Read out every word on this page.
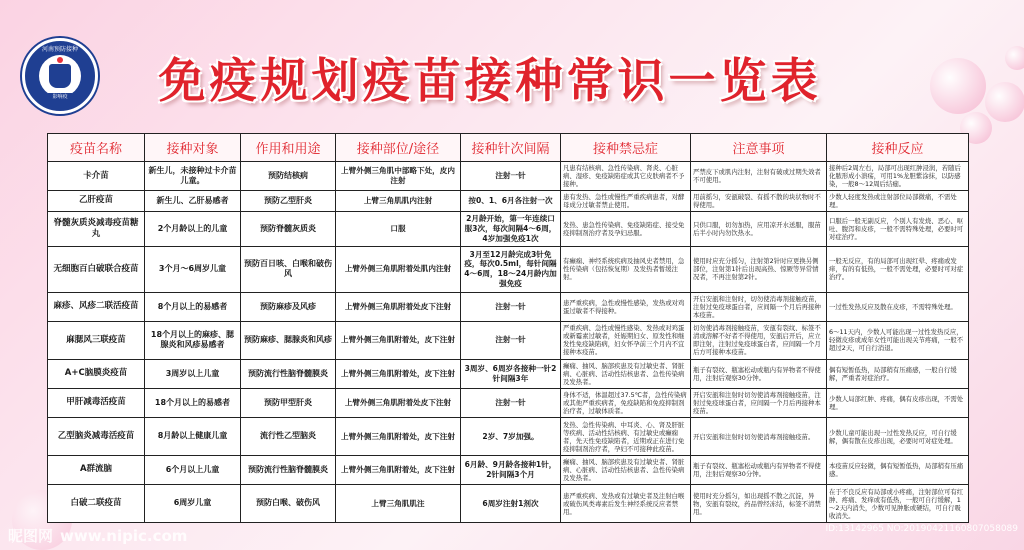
河南预防接种
影响疫	免疫规划疫苗接种常识一览表
疫苗名称	接种对象	作用和用途	接种部位/途径	接种针次间隔	接种禁忌症	注意事项	接种反应
卡介苗	新生儿，未接种过卡介苗儿童。	预防结核病	上臂外侧三角肌中部略下处，皮内注射	注射一针	凡患有结核病、急性传染病、肾炎、心脏病、湿疹、免疫缺陷症或其它皮肤病者不予接种。	严禁皮下或肌内注射，注射有破或过期失效者不可使用。	接种后2周左右，局部可出现红肿浸润，若随后化脓形成小溃疡，可用1%龙胆紫涂抹，以防感染，一般8～12周后结痂。
乙肝疫苗	新生儿、乙肝易感者	预防乙型肝炎	上臂三角肌肌内注射	按0、1、6月各注射一次	患有发热、急性或慢性严重疾病患者，对酵母成分过敏者禁止使用。	用前摇匀，安瓿破裂、有摇不散的块状物时不得使用。	少数人轻度发热或注射部位局部微痛，不需处理。
脊髓灰质炎减毒疫苗糖丸	2个月龄以上的儿童	预防脊髓灰质炎	口服	2月龄开始，第一年连续口服3次，每次间隔4～6周，4岁加强免疫1次	发热、患急性传染病、免疫缺陷症、接受免疫抑制剂治疗者及孕妇忌服。	只供口服，切勿加热，应用凉开水送服，服苗后半小时内勿饮热水。	口服后一般无副反应，个别人有发烧、恶心、呕吐、腹泻和皮疹，一般不需特殊处理，必要时可对症治疗。
无细胞百白破联合疫苗	3个月～6周岁儿童	预防百日咳、白喉和破伤风	上臂外侧三角肌附着处肌内注射	3月至12月龄完成3针免疫，每次0.5ml，每针间隔4～6周，18～24月龄内加强免疫	有癫痫、神经系统疾病及抽风史者禁用，急性传染病（包括恢复期）及发热者暂缓注射。	使用时应充分摇匀，注射第2针时应更换另侧部位，注射第1针后出现高热、惊厥等异常情况者，不再注射第2针。	一般无反应，有的局部可出现红晕、疼痛或发痒，有的有低热，一般不需处理，必要时可对症治疗。
麻疹、风疹二联活疫苗	8个月以上的易感者	预防麻疹及风疹	上臂外侧三角肌附着处皮下注射	注射一针	患严重疾病，急性或慢性感染，发热或对鸡蛋过敏者不得接种。	开启安瓿和注射时，切勿使消毒剂接触疫苗，注射过免疫球蛋白者，应间隔一个月后再接种本疫苗。	一过性发热反应及散在皮疹，不需特殊处理。
麻腮风三联疫苗	18个月以上的麻疹、腮腺炎和风疹易感者	预防麻疹、腮腺炎和风疹	上臂外侧三角肌附着处，皮下注射	注射一针	严重疾病、急性或慢性感染、发热或对鸡蛋或新霉素过敏者，妊娠期妇女、原发性和继发性免疫缺陷病，妇女怀孕前三个月内不宜接种本疫苗。	切勿使消毒剂接触疫苗，安瓿有裂纹、标签不清或溶解不好者不得使用，安瓿启开后，应立即注射，注射过免疫球蛋白者，应间隔一个月后方可接种本疫苗。	6～11天内，少数人可能出现一过性发热反应，轻微皮疹或成年女性可能出现关节疼痛，一般不超过2天，可自行消退。
A+C脑膜炎疫苗	3周岁以上儿童	预防流行性脑脊髓膜炎	上臂外侧三角肌附着处，皮下注射	3周岁、6周岁各接种一针2针间隔3年	癫痫、抽风、脑部疾患及有过敏史者、肾脏病、心脏病、活动性结核患者、急性传染病及发热者。	瓶子有裂纹、瓶塞松动或瓶内有异物者不得使用，注射后观察30分钟。	偶有短暂低热，局部稍有压痛感，一般自行缓解，严重者对症治疗。
甲肝减毒活疫苗	18个月以上的易感者	预防甲型肝炎	上臂外侧三角肌附着处皮下注射	注射一针	身体不适，体温超过37.5℃者，急性传染病或其他严重疾病者，免疫缺陷和免疫抑制剂治疗者，过敏体质者。	开启安瓿和注射时切勿使消毒剂接触疫苗，注射过免疫球蛋白者，应间隔一个月后再接种本疫苗。	少数人局部红肿、疼痛，偶有皮疹出现，不需处理。
乙型脑炎减毒活疫苗	8月龄以上健康儿童	流行性乙型脑炎	上臂外侧三角肌附着处，皮下注射	2岁、7岁加强。	发热、急性传染病、中耳炎、心、肾及肝脏等疾病、活动性结核病、有过敏史或癫痫者，先天性免疫缺陷者，近期或正在进行免疫抑制剂治疗者，孕妇不可接种此疫苗。	开启安瓿和注射时切勿使消毒剂接触疫苗。	少数儿童可能出现一过性发热反应，可自行缓解，偶有散在皮疹出现，必要时可对症处理。
A群流脑	6个月以上儿童	预防流行性脑脊髓膜炎	上臂外侧三角肌附着处，皮下注射	6月龄、9月龄各接种1针，2针间隔3个月	癫痫、抽风、脑部疾患及有过敏史者、肾脏病、心脏病、活动性结核患者、急性传染病及发热者。	瓶子有裂纹、瓶塞松动或瓶内有异物者不得使用，注射后观察30分钟。	本疫苗反应轻微，偶有短暂低热，局部稍有压痛感。
白破二联疫苗	6周岁儿童	预防白喉、破伤风	上臂三角肌肌注	6周岁注射1剂次	患严重疾病、发热或有过敏史者及注射白喉或破伤风类毒素后发生神经系统反应者禁用。	使用时充分摇匀，如出现摇不散之沉淀，异物，安瓿有裂纹，药品曾经冻结，标签不清禁用。	在于不良反应有局部或小疼痛，注射部位可有红肿、疼痛、发痒或有低热，一般可自行缓解，1～2天内消失，少数可见肿胀或硬结，可自行吸收消失。
昵图网 www.nipic.com	ID:13142965 NO:20190421160807058089
